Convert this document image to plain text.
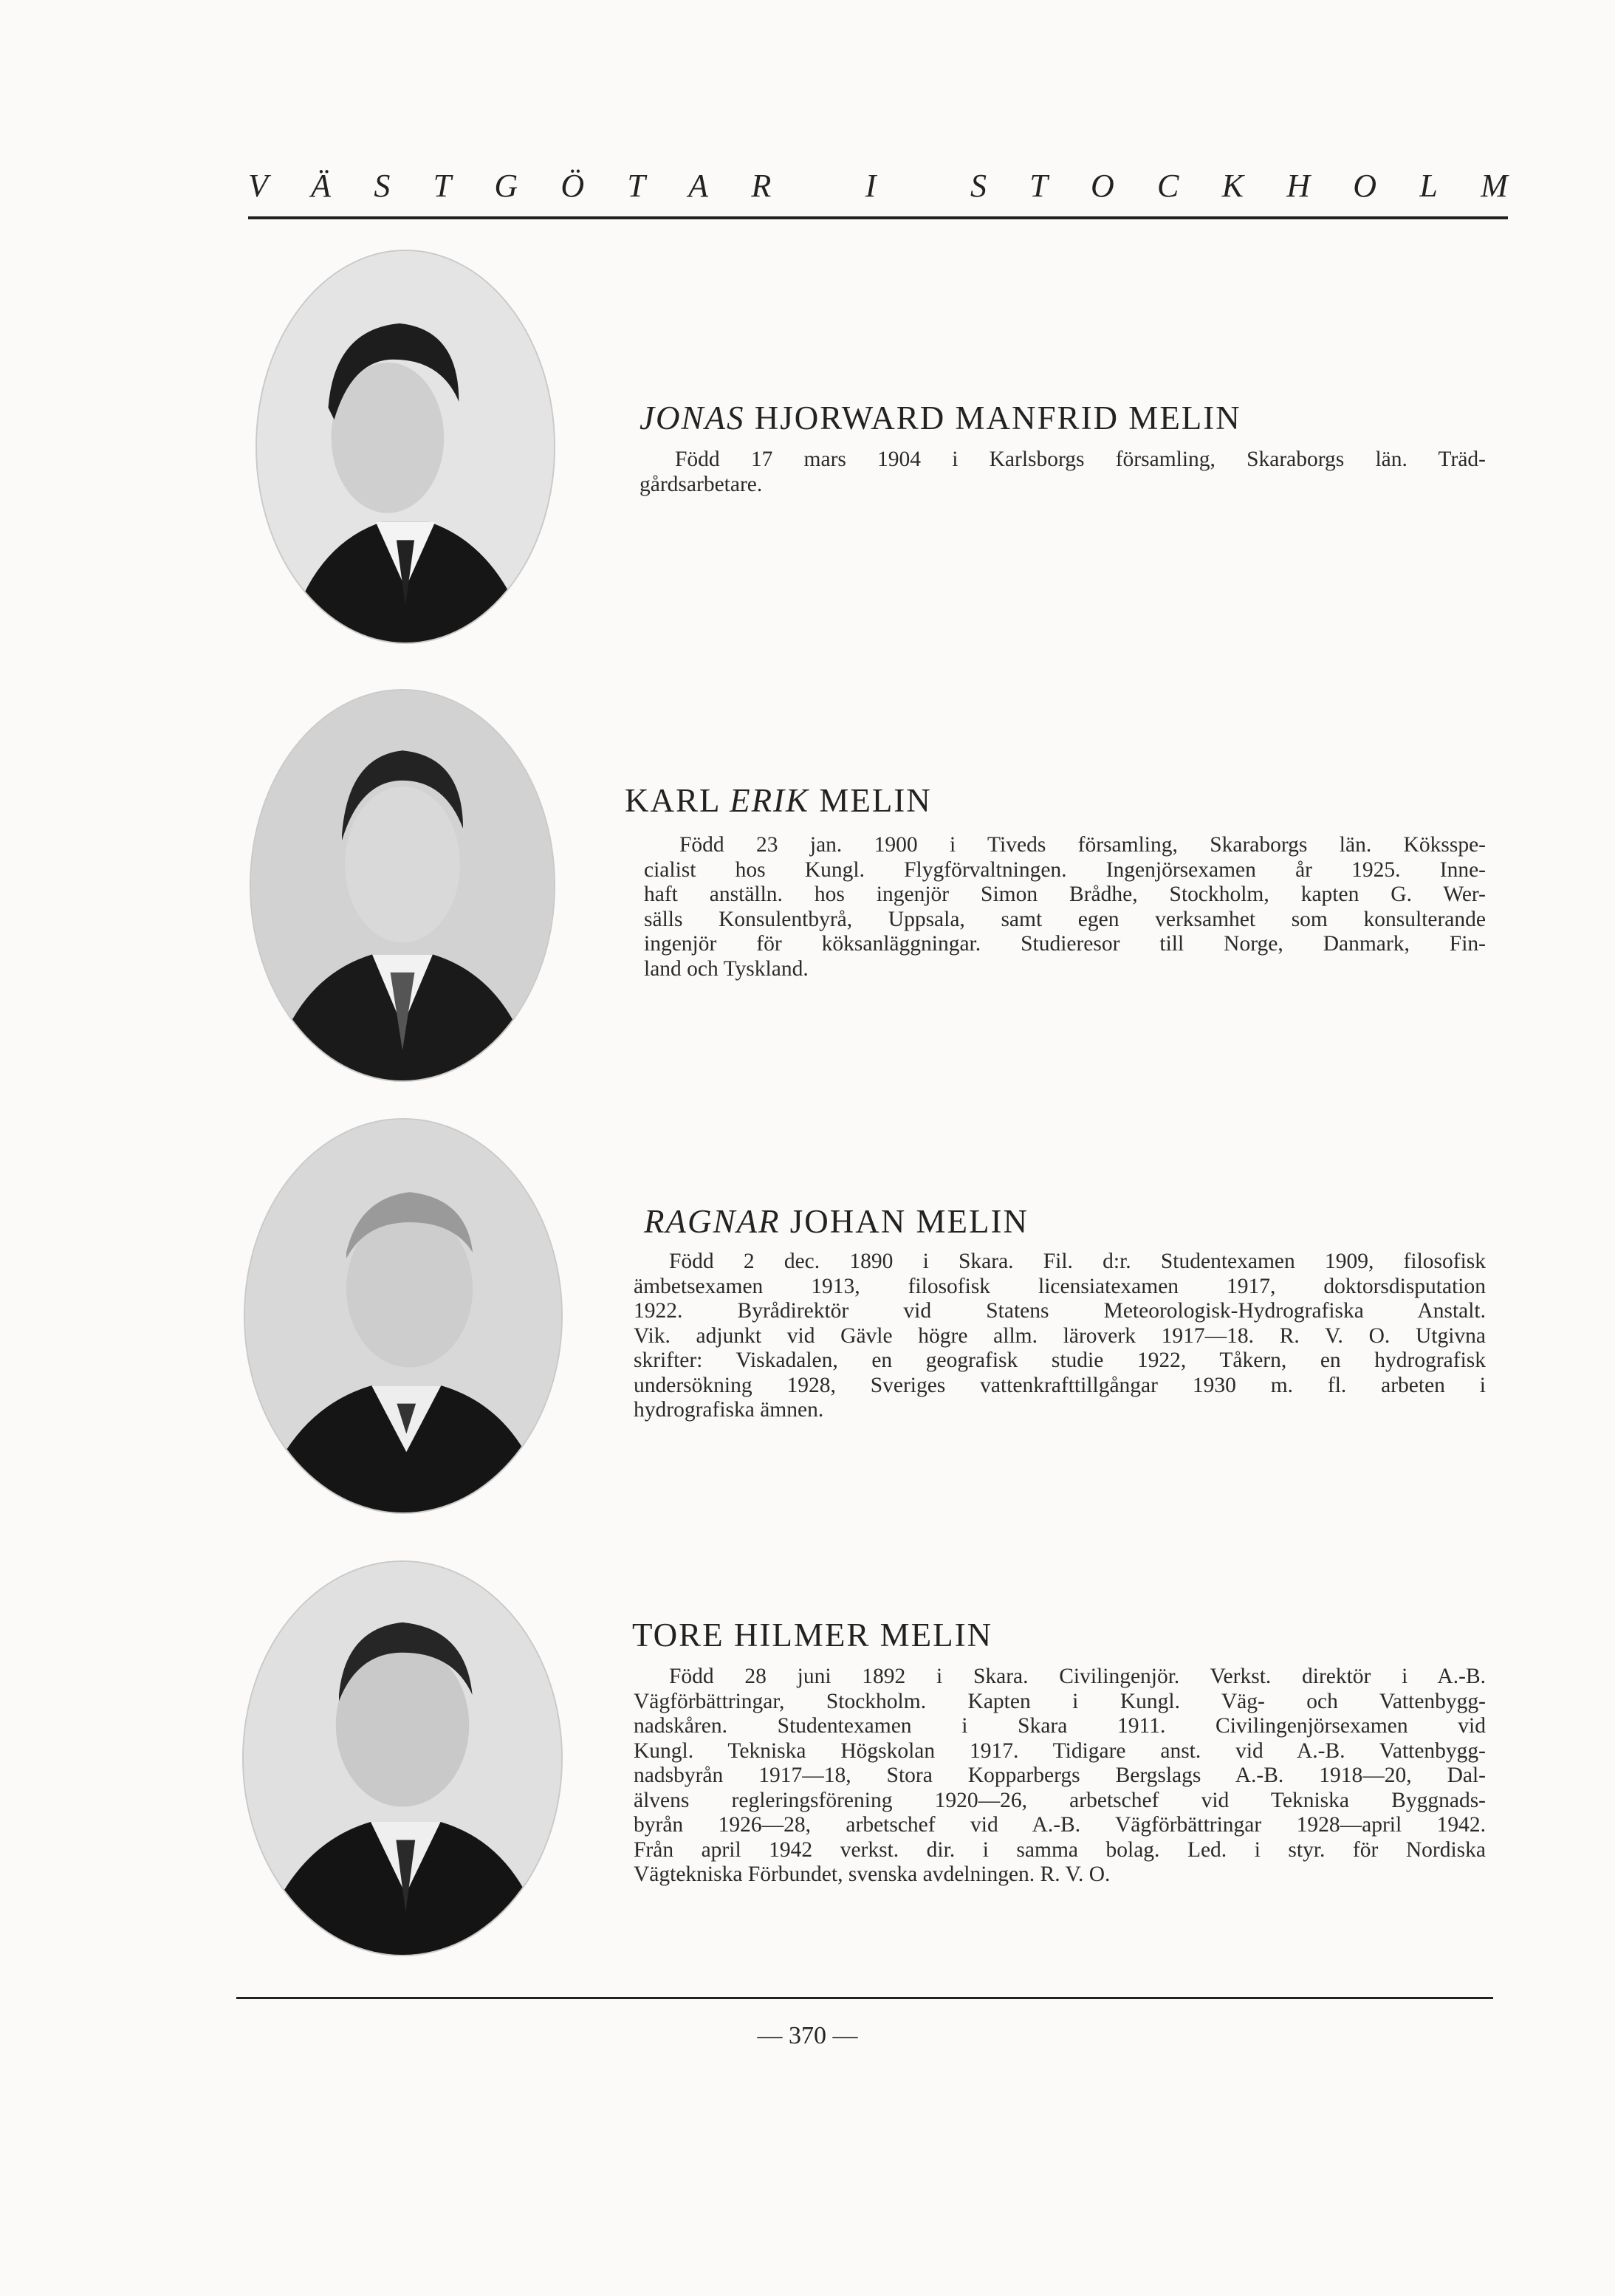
V Ä S T G Ö T A R
	I
	S T O C K H O L M
JONAS HJORWARD MANFRID MELIN
Född 17 mars 1904 i Karlsborgs församling, Skaraborgs län. Träd-
gårdsarbetare.
KARL ERIK MELIN
Född 23 jan. 1900 i Tiveds församling, Skaraborgs län. Köksspe-
cialist hos Kungl. Flygförvaltningen. Ingenjörsexamen år 1925. Inne-
haft anställn. hos ingenjör Simon Brådhe, Stockholm, kapten G. Wer-
sälls Konsulentbyrå, Uppsala, samt egen verksamhet som konsulterande
ingenjör för köksanläggningar. Studieresor till Norge, Danmark, Fin-
land och Tyskland.
RAGNAR JOHAN MELIN
Född 2 dec. 1890 i Skara. Fil. d:r. Studentexamen 1909, filosofisk
ämbetsexamen 1913, filosofisk licensiatexamen 1917, doktorsdisputation
1922. Byrådirektör vid Statens Meteorologisk-Hydrografiska Anstalt.
Vik. adjunkt vid Gävle högre allm. läroverk 1917—18. R. V. O. Utgivna
skrifter: Viskadalen, en geografisk studie 1922, Tåkern, en hydrografisk
undersökning 1928, Sveriges vattenkrafttillgångar 1930 m. fl. arbeten i
hydrografiska ämnen.
TORE HILMER MELIN
Född 28 juni 1892 i Skara. Civilingenjör. Verkst. direktör i A.-B.
Vägförbättringar, Stockholm. Kapten i Kungl. Väg- och Vattenbygg-
nadskåren. Studentexamen i Skara 1911. Civilingenjörsexamen vid
Kungl. Tekniska Högskolan 1917. Tidigare anst. vid A.-B. Vattenbygg-
nadsbyrån 1917—18, Stora Kopparbergs Bergslags A.-B. 1918—20, Dal-
älvens regleringsförening 1920—26, arbetschef vid Tekniska Byggnads-
byrån 1926—28, arbetschef vid A.-B. Vägförbättringar 1928—april 1942.
Från april 1942 verkst. dir. i samma bolag. Led. i styr. för Nordiska
Vägtekniska Förbundet, svenska avdelningen. R. V. O.
— 370 —
